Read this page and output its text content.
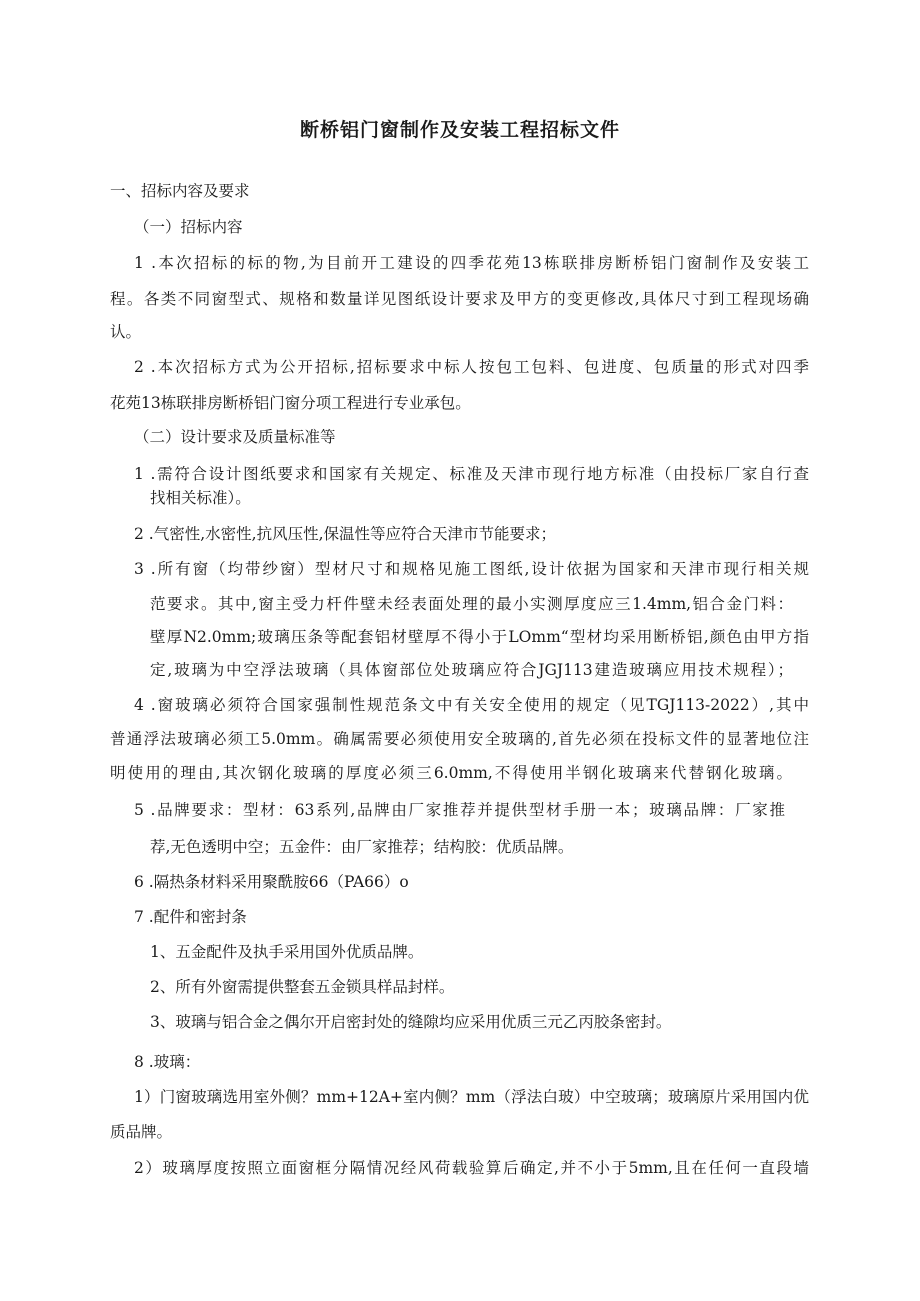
断桥铝门窗制作及安装工程招标文件

一、招标内容及要求

（一）招标内容

1 .本次招标的标的物,为目前开工建设的四季花苑13栋联排房断桥铝门窗制作及安装工

程。各类不同窗型式、规格和数量详见图纸设计要求及甲方的变更修改,具体尺寸到工程现场确

认。

2 .本次招标方式为公开招标,招标要求中标人按包工包料、包进度、包质量的形式对四季

花苑13栋联排房断桥铝门窗分项工程进行专业承包。

（二）设计要求及质量标准等

1 .需符合设计图纸要求和国家有关规定、标准及天津市现行地方标准（由投标厂家自行查

找相关标准）。

2 .气密性,水密性,抗风压性,保温性等应符合天津市节能要求；

3 .所有窗（均带纱窗）型材尺寸和规格见施工图纸,设计依据为国家和天津市现行相关规

范要求。其中,窗主受力杆件壁未经表面处理的最小实测厚度应三1.4mm,铝合金门料：

壁厚N2.0mm;玻璃压条等配套铝材壁厚不得小于LOmm“型材均采用断桥铝,颜色由甲方指

定,玻璃为中空浮法玻璃（具体窗部位处玻璃应符合JGJ113建造玻璃应用技术规程）；

4 .窗玻璃必须符合国家强制性规范条文中有关安全使用的规定（见TGJ113-2022）,其中

普通浮法玻璃必须工5.0mm。确属需要必须使用安全玻璃的,首先必须在投标文件的显著地位注

明使用的理由,其次钢化玻璃的厚度必须三6.0mm,不得使用半钢化玻璃来代替钢化玻璃。

5 .品牌要求：型材：63系列,品牌由厂家推荐并提供型材手册一本；玻璃品牌：厂家推

荐,无色透明中空；五金件：由厂家推荐；结构胶：优质品牌。

6 .隔热条材料采用聚酰胺66（PA66）o

7 .配件和密封条

1、五金配件及执手采用国外优质品牌。

2、所有外窗需提供整套五金锁具样品封样。

3、玻璃与铝合金之偶尔开启密封处的缝隙均应采用优质三元乙丙胶条密封。

8 .玻璃：

1）门窗玻璃选用室外侧？mm+12A+室内侧？mm（浮法白玻）中空玻璃；玻璃原片采用国内优

质品牌。

2）玻璃厚度按照立面窗框分隔情况经风荷载验算后确定,并不小于5mm,且在任何一直段墙
